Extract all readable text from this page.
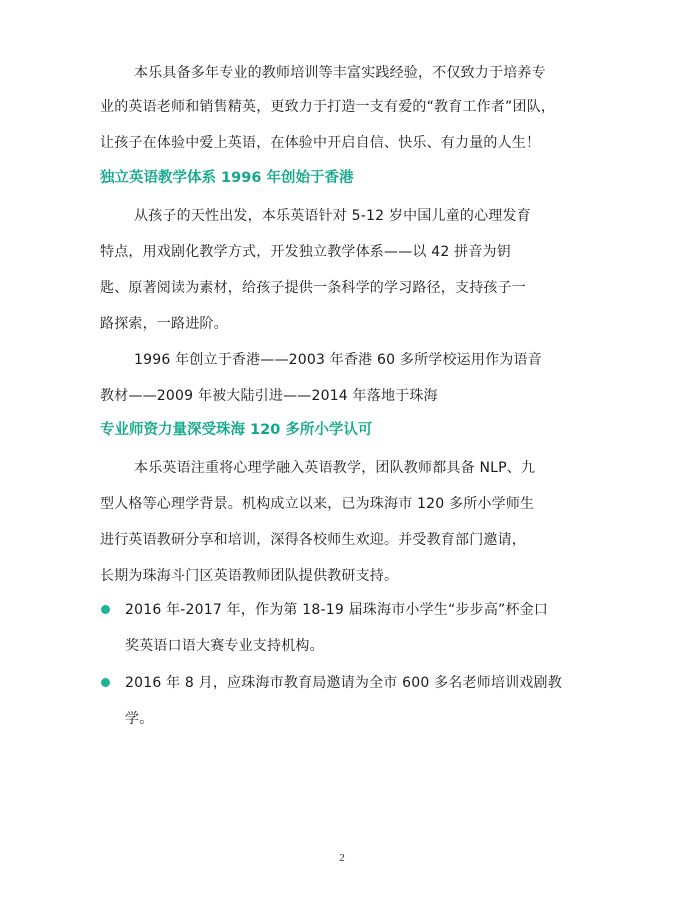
本乐具备多年专业的教师培训等丰富实践经验，不仅致力于培养专
业的英语老师和销售精英，更致力于打造一支有爱的“教育工作者”团队，
让孩子在体验中爱上英语，在体验中开启自信、快乐、有力量的人生！
独立英语教学体系 1996 年创始于香港
从孩子的天性出发，本乐英语针对 5-12 岁中国儿童的心理发育
特点，用戏剧化教学方式，开发独立教学体系——以 42 拼音为钥
匙、原著阅读为素材，给孩子提供一条科学的学习路径，支持孩子一
路探索，一路进阶。
1996 年创立于香港——2003 年香港 60 多所学校运用作为语音
教材——2009 年被大陆引进——2014 年落地于珠海
专业师资力量深受珠海 120 多所小学认可
本乐英语注重将心理学融入英语教学，团队教师都具备 NLP、九
型人格等心理学背景。机构成立以来，已为珠海市 120 多所小学师生
进行英语教研分享和培训，深得各校师生欢迎。并受教育部门邀请，
长期为珠海斗门区英语教师团队提供教研支持。
2016 年-2017 年，作为第 18-19 届珠海市小学生“步步高”杯金口
奖英语口语大赛专业支持机构。
2016 年 8 月，应珠海市教育局邀请为全市 600 多名老师培训戏剧教
学。
2
